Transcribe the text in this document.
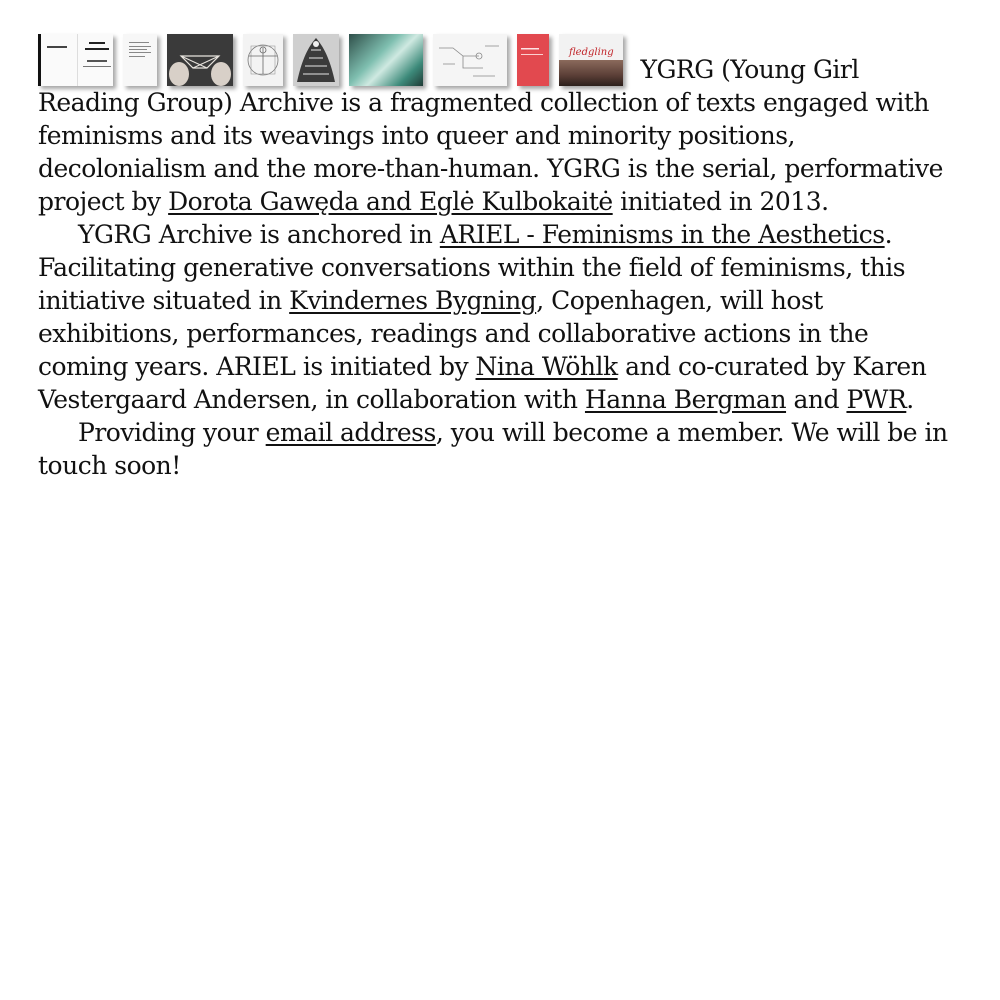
fledgling
YGRG (Young Girl Reading Group) Archive is a fragmented collection of texts engaged with feminisms and its weavings into queer and minority positions, decolonialism and the more-than-human. YGRG is the serial, performative project by Dorota Gawęda and Eglė Kulbokaitė initiated in 2013.

YGRG Archive is anchored in ARIEL - Feminisms in the Aesthetics. Facilitating generative conversations within the field of feminisms, this initiative situated in Kvindernes Bygning, Copenhagen, will host exhibitions, performances, readings and collaborative actions in the coming years. ARIEL is initiated by Nina Wöhlk and co-curated by Karen Vestergaard Andersen, in collaboration with Hanna Bergman and PWR.

Providing your email address, you will become a member. We will be in touch soon!
